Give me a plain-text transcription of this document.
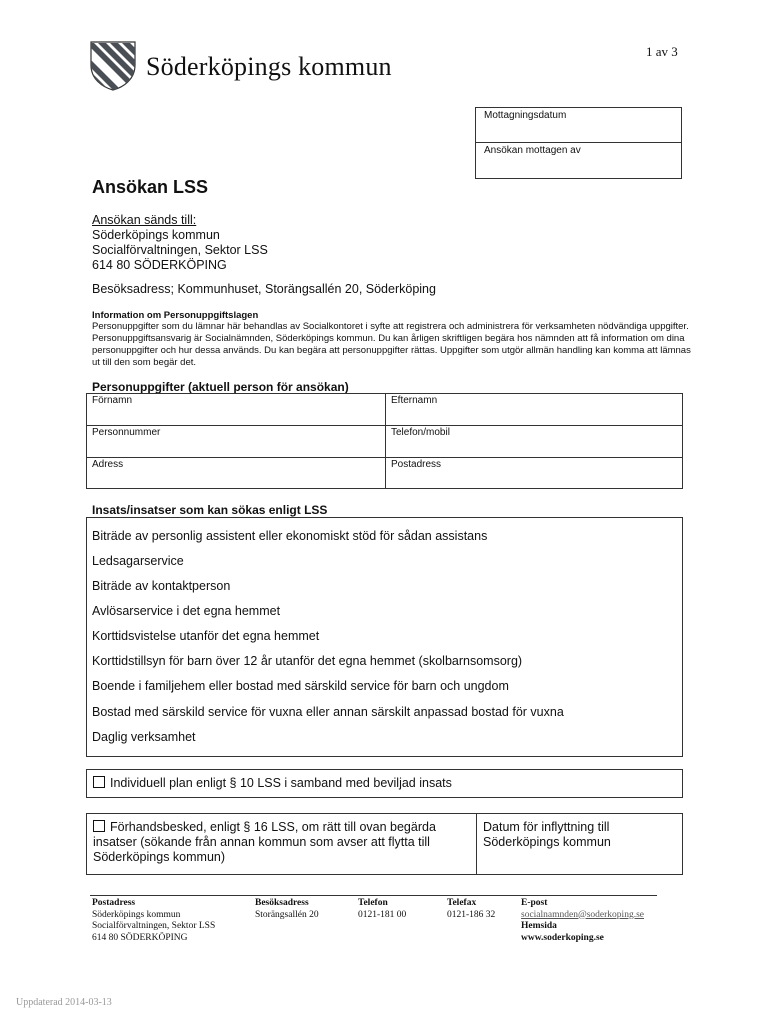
Söderköpings kommun
1 av 3
Mottagningsdatum
Ansökan mottagen av
Ansökan LSS
Ansökan sänds till:
Söderköpings kommun
Socialförvaltningen, Sektor LSS
614 80 SÖDERKÖPING
Besöksadress; Kommunhuset, Storängsallén 20, Söderköping
Information om Personuppgiftslagen
Personuppgifter som du lämnar här behandlas av Socialkontoret i syfte att registrera och administrera för verksamheten nödvändiga uppgifter. Personuppgiftsansvarig är Socialnämnden, Söderköpings kommun. Du kan årligen skriftligen begära hos nämnden att få information om dina personuppgifter och hur dessa används. Du kan begära att personuppgifter rättas. Uppgifter som utgör allmän handling kan komma att lämnas ut till den som begär det.
Personuppgifter (aktuell person för ansökan)
Förnamn	Efternamn
Personnummer	Telefon/mobil
Adress	Postadress
Insats/insatser som kan sökas enligt LSS
Biträde av personlig assistent eller ekonomiskt stöd för sådan assistans
Ledsagarservice
Biträde av kontaktperson
Avlösarservice i det egna hemmet
Korttidsvistelse utanför det egna hemmet
Korttidstillsyn för barn över 12 år utanför det egna hemmet (skolbarnsomsorg)
Boende i familjehem eller bostad med särskild service för barn och ungdom
Bostad med särskild service för vuxna eller annan särskilt anpassad bostad för vuxna
Daglig verksamhet
Individuell plan enligt § 10 LSS i samband med beviljad insats
Förhandsbesked, enligt § 16 LSS, om rätt till ovan begärda
insatser (sökande från annan kommun som avser att flytta till
Söderköpings kommun)
Datum för inflyttning till
Söderköpings kommun
Postadress
Söderköpings kommun
Socialförvaltningen, Sektor LSS
614 80 SÖDERKÖPING
Besöksadress
Storängsallén 20
Telefon
0121-181 00
Telefax
0121-186 32
E-post
socialnamnden@soderkoping.se
Hemsida
www.soderkoping.se
Uppdaterad 2014-03-13
